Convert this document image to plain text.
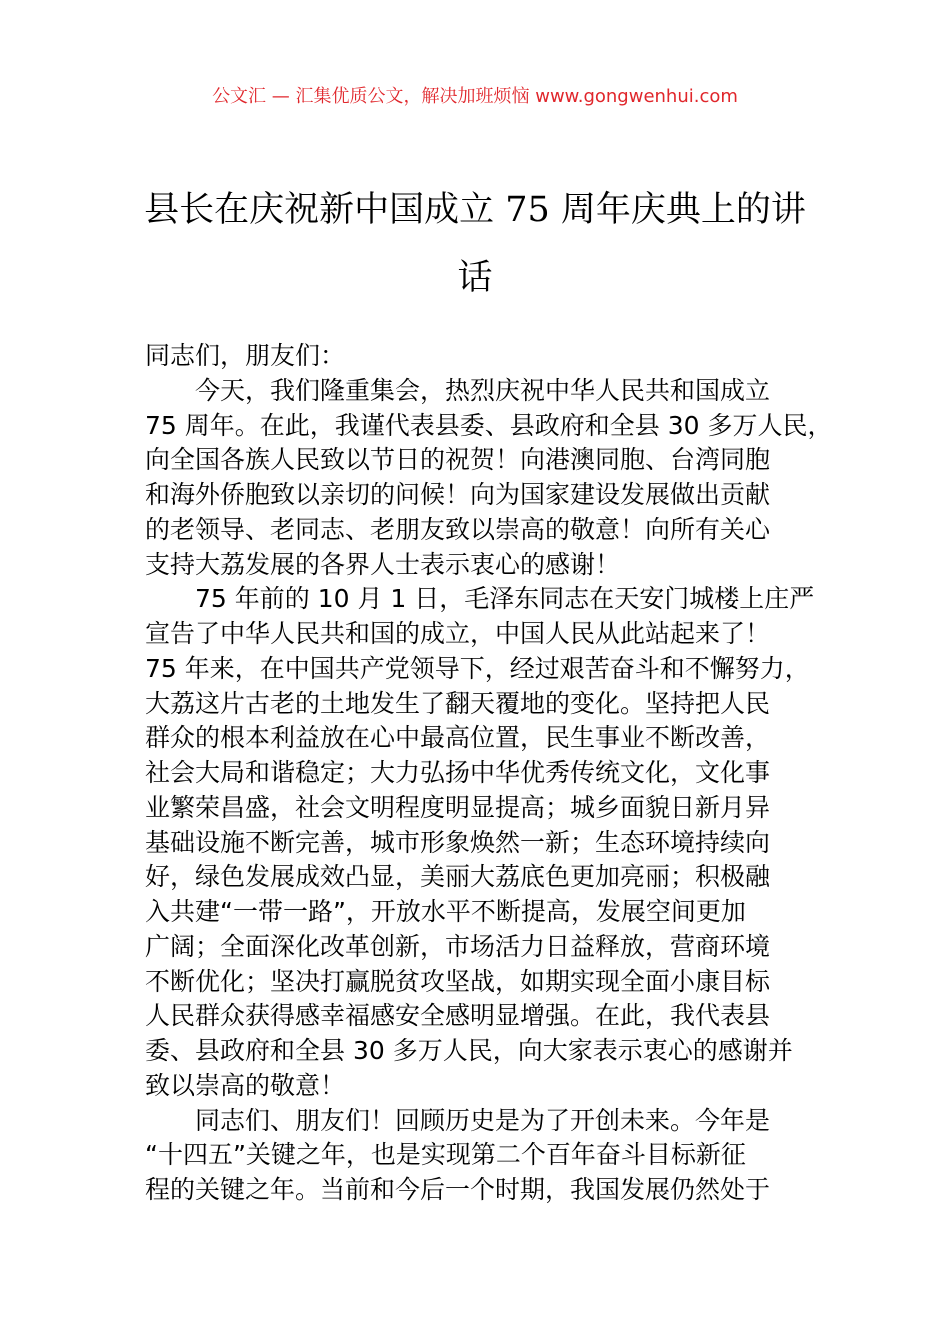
公文汇 — 汇集优质公文，解决加班烦恼 www.gongwenhui.com
县长在庆祝新中国成立 75 周年庆典上的讲
话
同志们，朋友们：
今天，我们隆重集会，热烈庆祝中华人民共和国成立
75 周年。在此，我谨代表县委、县政府和全县 30 多万人民，
向全国各族人民致以节日的祝贺！向港澳同胞、台湾同胞
和海外侨胞致以亲切的问候！向为国家建设发展做出贡献
的老领导、老同志、老朋友致以崇高的敬意！向所有关心
支持大荔发展的各界人士表示衷心的感谢！
75 年前的 10 月 1 日，毛泽东同志在天安门城楼上庄严
宣告了中华人民共和国的成立，中国人民从此站起来了！
75 年来，在中国共产党领导下，经过艰苦奋斗和不懈努力，
大荔这片古老的土地发生了翻天覆地的变化。坚持把人民
群众的根本利益放在心中最高位置，民生事业不断改善，
社会大局和谐稳定；大力弘扬中华优秀传统文化，文化事
业繁荣昌盛，社会文明程度明显提高；城乡面貌日新月异
基础设施不断完善，城市形象焕然一新；生态环境持续向
好，绿色发展成效凸显，美丽大荔底色更加亮丽；积极融
入共建“一带一路”，开放水平不断提高，发展空间更加
广阔；全面深化改革创新，市场活力日益释放，营商环境
不断优化；坚决打赢脱贫攻坚战，如期实现全面小康目标
人民群众获得感幸福感安全感明显增强。在此，我代表县
委、县政府和全县 30 多万人民，向大家表示衷心的感谢并
致以崇高的敬意！
同志们、朋友们！回顾历史是为了开创未来。今年是
“十四五”关键之年，也是实现第二个百年奋斗目标新征
程的关键之年。当前和今后一个时期，我国发展仍然处于
